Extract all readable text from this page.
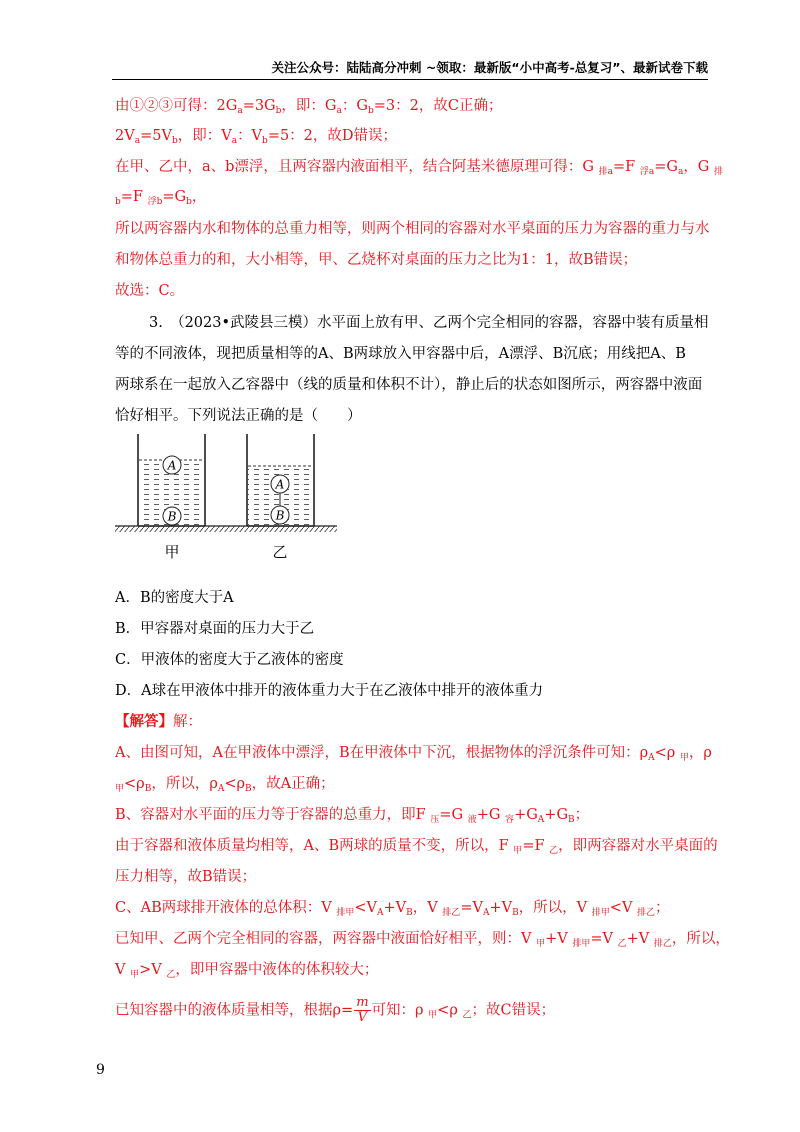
关注公众号：陆陆高分冲刺 ~领取：最新版“小中高考-总复习”、最新试卷下载
由①②③可得：$2G_a=3G_b$，即：$G_a$：$G_b=3$：2，故C正确；
$2V_a=5V_b$，即：$V_a$：$V_b=5$：2，故D错误；
在甲、乙中，a、b漂浮，且两容器内液面相平，结合阿基米德原理可得：G $_{排a}$=F $_{浮a}=G_a$，G $_排$
$_b$=F $_{浮b}=G_b$，
所以两容器内水和物体的总重力相等，则两个相同的容器对水平桌面的压力为容器的重力与水
和物体总重力的和，大小相等，甲、乙烧杯对桌面的压力之比为1：1，故B错误；
故选：C。
3.　（2023•武陵县三模）水平面上放有甲、乙两个完全相同的容器，容器中装有质量相
等的不同液体，现把质量相等的A、B两球放入甲容器中后，A漂浮、B沉底；用线把A、B
两球系在一起放入乙容器中（线的质量和体积不计），静止后的状态如图所示，两容器中液面
恰好相平。下列说法正确的是（　　）
A
B
A
B
甲	乙
A．B的密度大于A
B．甲容器对桌面的压力大于乙
C．甲液体的密度大于乙液体的密度
D．A球在甲液体中排开的液体重力大于在乙液体中排开的液体重力
【解答】解：
A、由图可知，A在甲液体中漂浮，B在甲液体中下沉，根据物体的浮沉条件可知：$\rho_A<\rho$ $_甲$，ρ
$_甲<\rho_B$，所以，$\rho_A<\rho_B$，故A正确；
B、容器对水平面的压力等于容器的总重力，即F $_压$=G $_液$+G $_容+G_A+G_B$；
由于容器和液体质量均相等，A、B两球的质量不变，所以，F $_甲$=F $_乙$，即两容器对水平桌面的
压力相等，故B错误；
C、AB两球排开液体的总体积：V $_{排甲}<V_A+V_B$，V $_{排乙}=V_A+V_B$，所以，V $_{排甲}$<V $_{排乙}$；
已知甲、乙两个完全相同的容器，两容器中液面恰好相平，则：V $_甲$+V $_{排甲}$=V $_乙$+V $_{排乙}$，所以，
V $_甲$>V $_乙$，即甲容器中液体的体积较大；
已知容器中的液体质量相等，根据$\rho= \frac{m}{V}$ 可知：ρ $_甲$<ρ $_乙$；故C错误；
9
